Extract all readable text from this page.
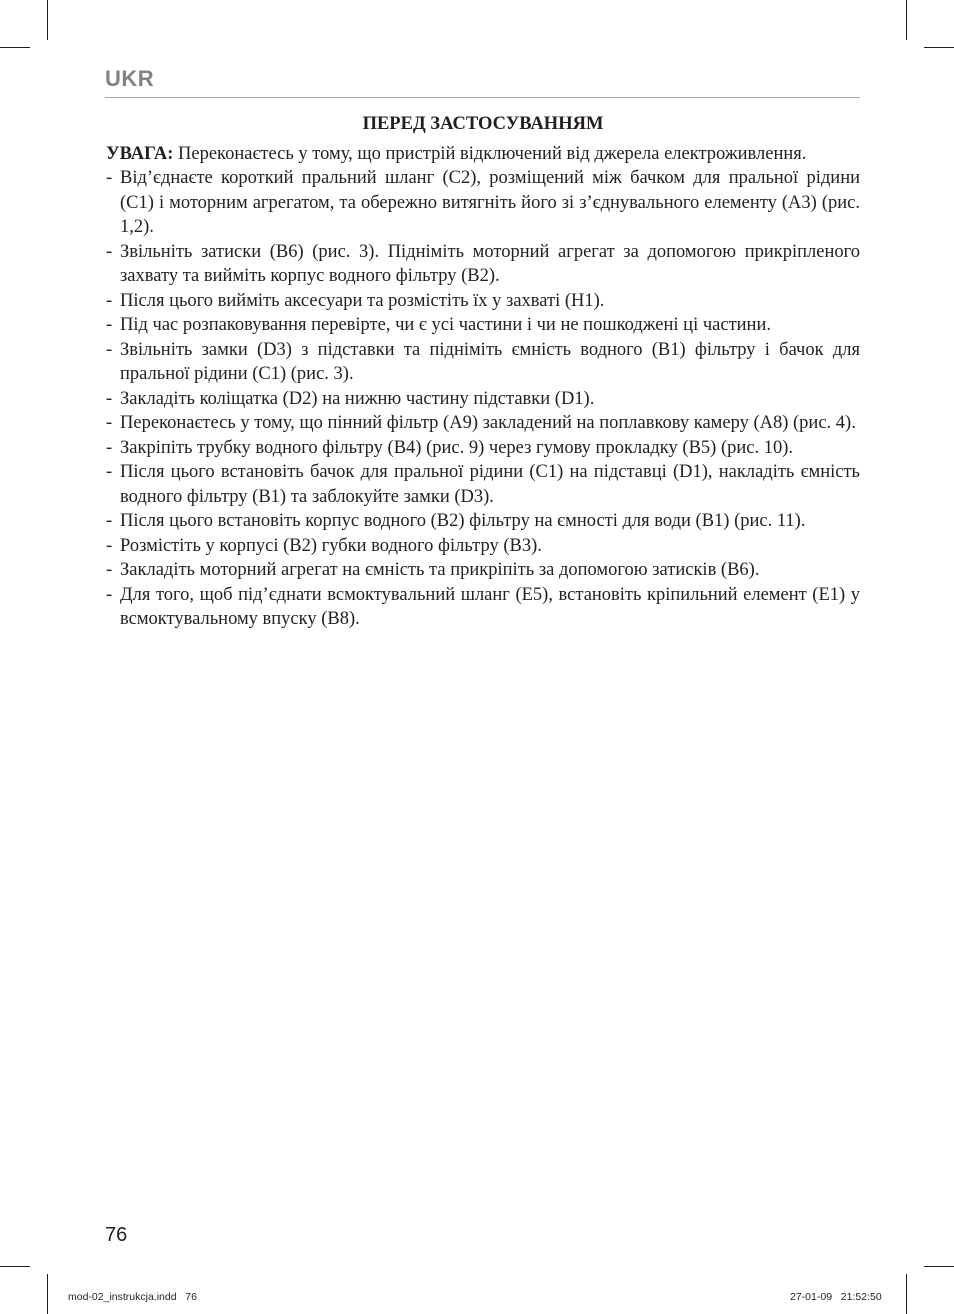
UKR
ПЕРЕД ЗАСТОСУВАННЯМ

УВАГА: Переконаєтесь у тому, що пристрій відключений від джерела електроживлення.

- Від’єднаєте короткий пральний шланг (C2), розміщений між бачком для пральної рідини (C1) і моторним агрегатом, та обережно витягніть його зі з’єднувального елементу (A3) (рис. 1,2).
- Звільніть затиски (B6) (рис. 3). Підніміть моторний агрегат за допомогою прикріпленого захвату та вийміть корпус водного фільтру (B2).
- Після цього вийміть аксесуари та розмістіть їх у захваті (H1).
- Під час розпаковування перевірте, чи є усі частини і чи не пошкоджені ці частини.
- Звільніть замки (D3) з підставки та підніміть ємність водного (B1) фільтру і бачок для пральної рідини (C1) (рис. 3).
- Закладіть коліщатка (D2) на нижню частину підставки (D1).
- Переконаєтесь у тому, що пінний фільтр (A9) закладений на поплавкову камеру (A8) (рис. 4).
- Закріпіть трубку водного фільтру (B4) (рис. 9) через гумову прокладку (B5) (рис. 10).
- Після цього встановіть бачок для пральної рідини (C1) на підставці (D1), накладіть ємність водного фільтру (B1) та заблокуйте замки (D3).
- Після цього встановіть корпус водного (B2) фільтру на ємності для води (B1) (рис. 11).
- Розмістіть у корпусі (B2) губки водного фільтру (B3).
- Закладіть моторний агрегат на ємність та прикріпіть за допомогою затисків (B6).
- Для того, щоб під’єднати всмоктувальний шланг (E5), встановіть кріпильний елемент (E1) у всмоктувальному впуску (B8).
76
mod-02_instrukcja.indd   76	27-01-09   21:52:50
